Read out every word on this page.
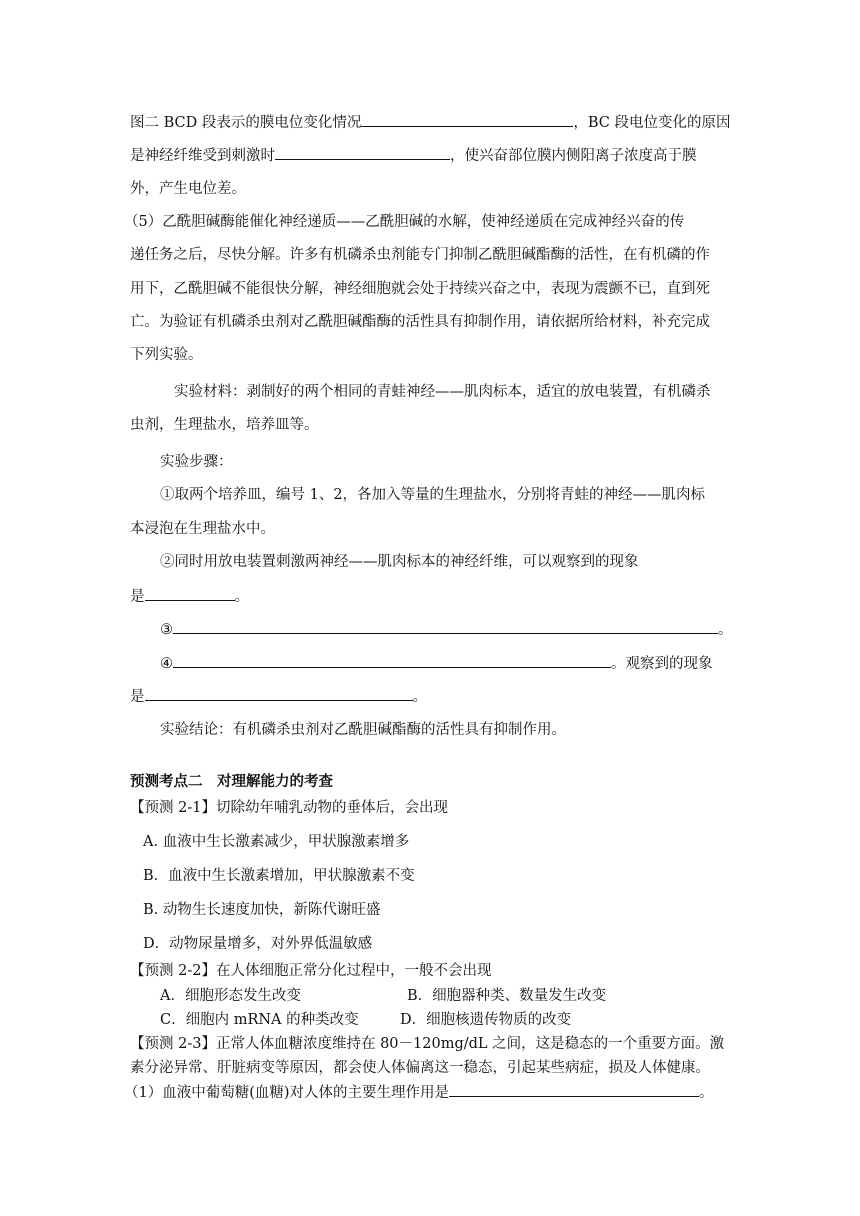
图二 BCD 段表示的膜电位变化情况	，BC 段电位变化的原因
是神经纤维受到刺激时	，使兴奋部位膜内侧阳离子浓度高于膜
外，产生电位差。
（5）乙酰胆碱酶能催化神经递质——乙酰胆碱的水解，使神经递质在完成神经兴奋的传
递任务之后，尽快分解。许多有机磷杀虫剂能专门抑制乙酰胆碱酯酶的活性，在有机磷的作
用下，乙酰胆碱不能很快分解，神经细胞就会处于持续兴奋之中，表现为震颤不已，直到死
亡。为验证有机磷杀虫剂对乙酰胆碱酯酶的活性具有抑制作用，请依据所给材料，补充完成
下列实验。
实验材料：剥制好的两个相同的青蛙神经——肌肉标本，适宜的放电装置，有机磷杀
虫剂，生理盐水，培养皿等。
实验步骤：
①取两个培养皿，编号 1、2，各加入等量的生理盐水，分别将青蛙的神经——肌肉标
本浸泡在生理盐水中。
②同时用放电装置刺激两神经——肌肉标本的神经纤维，可以观察到的现象
是	。
③	。
④	。观察到的现象
是	。
实验结论：有机磷杀虫剂对乙酰胆碱酯酶的活性具有抑制作用。
预测考点二　对理解能力的考查
【预测 2-1】切除幼年哺乳动物的垂体后，会出现
A. 血液中生长激素减少，甲状腺激素增多
B．血液中生长激素增加，甲状腺激素不变
B. 动物生长速度加快，新陈代谢旺盛
D．动物尿量增多，对外界低温敏感
【预测 2-2】在人体细胞正常分化过程中，一般不会出现
A．细胞形态发生改变	B．细胞器种类、数量发生改变
C．细胞内 mRNA 的种类改变	D．细胞核遗传物质的改变
【预测 2-3】正常人体血糖浓度维持在 80－120mg/dL 之间，这是稳态的一个重要方面。激
素分泌异常、肝脏病变等原因，都会使人体偏离这一稳态，引起某些病症，损及人体健康。
（1）血液中葡萄糖(血糖)对人体的主要生理作用是	。
